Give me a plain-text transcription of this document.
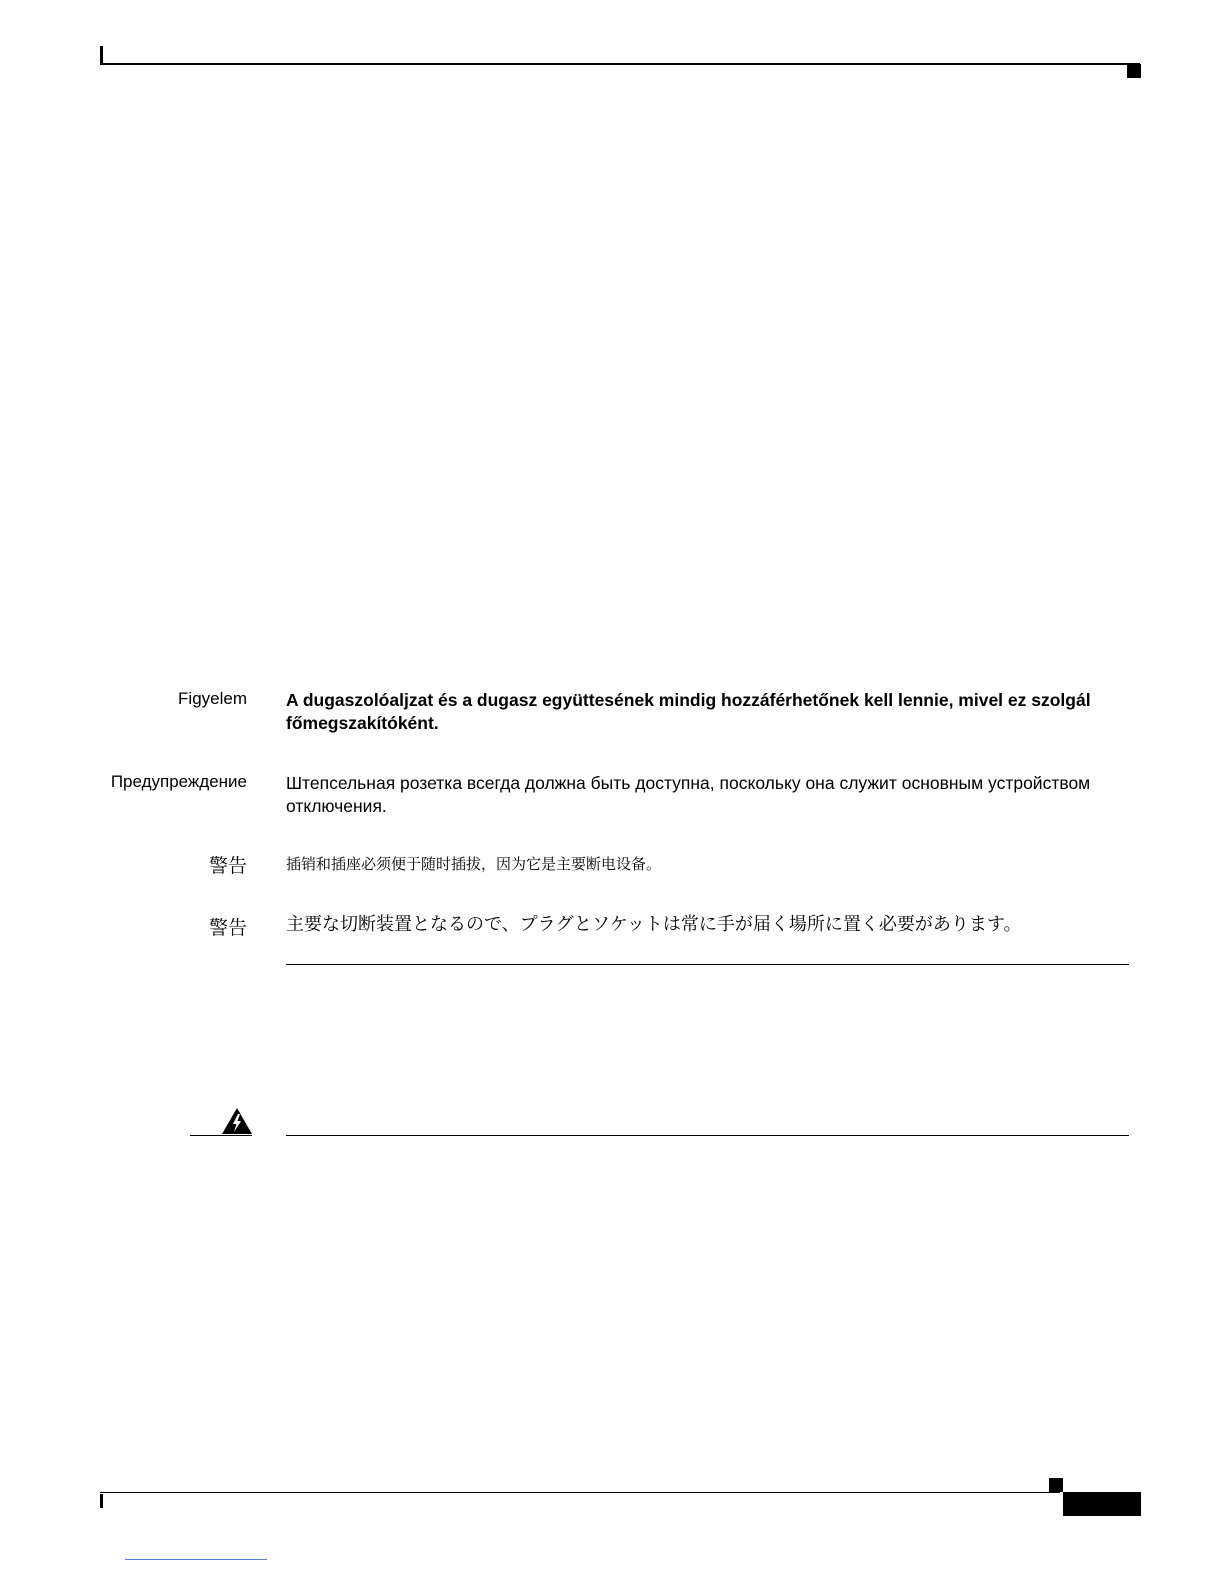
Figyelem A dugaszolóaljzat és a dugasz együttesének mindig hozzáférhetőnek kell lennie, mivel ez szolgál főmegszakítóként.
Предупреждение Штепсельная розетка всегда должна быть доступна, поскольку она служит основным устройством отключения.
警告	插销和插座必须便于随时插拔，因为它是主要断电设备。
警告 主要な切断装置となるので、プラグとソケットは常に手が届く場所に置く必要があります。
